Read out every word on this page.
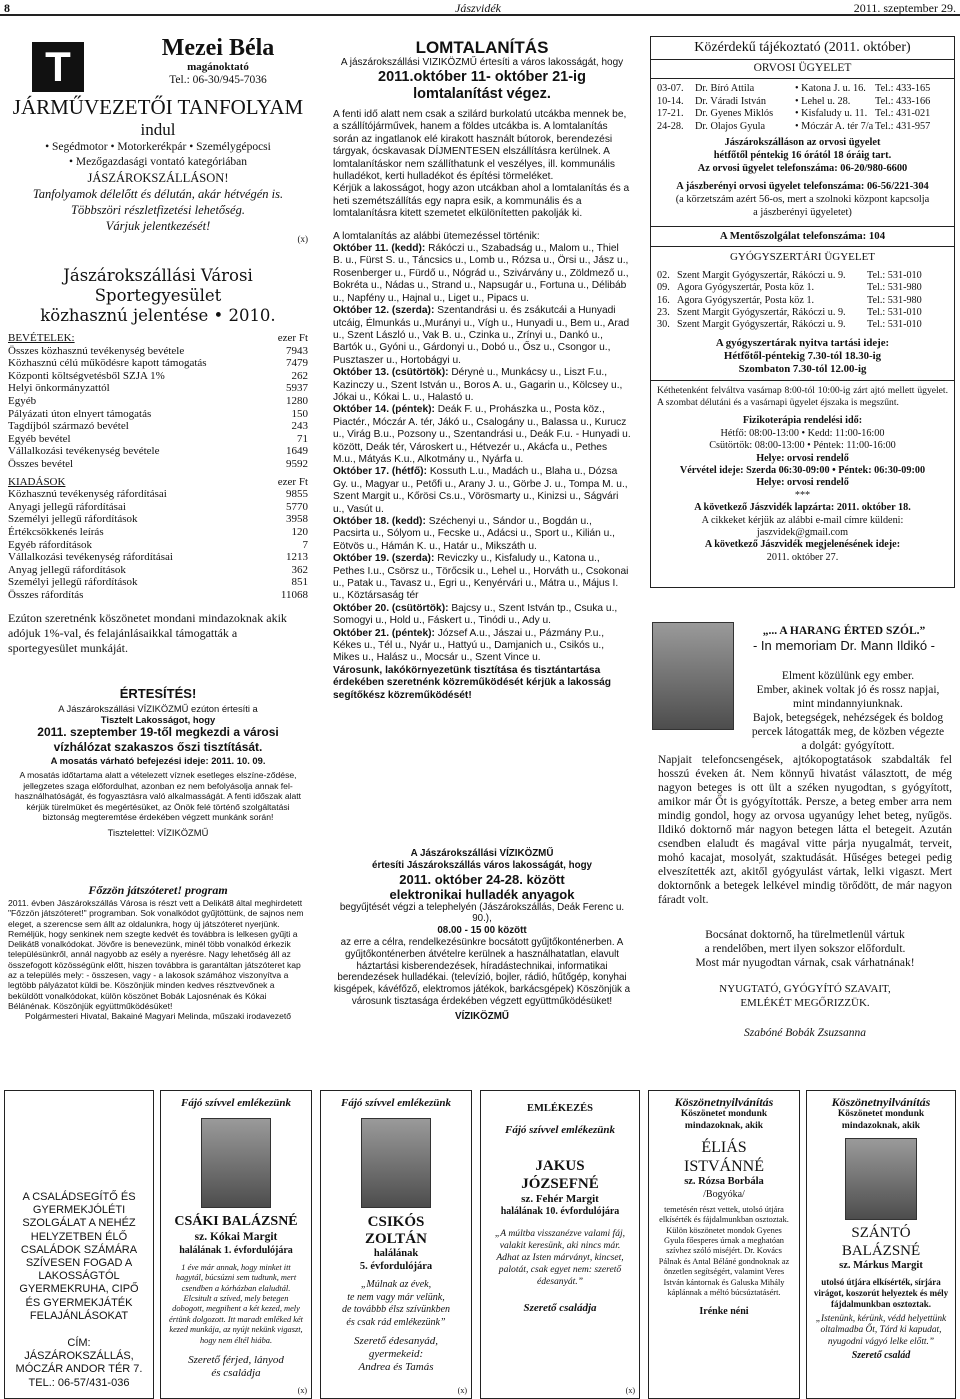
8	Jászvidék	2011. szeptember 29.
T	Mezei Béla
magánoktató
Tel.: 06-30/945-7036
JÁRMŰVEZETŐI TANFOLYAM
indul
• Segédmotor • Motorkerékpár • Személygépocsi
• Mezőgazdasági vontató kategóriában
JÁSZÁROKSZÁLLÁSON!
Tanfolyamok délelőtt és délután, akár hétvégén is.
Többszöri részletfizetési lehetőség.
Várjuk jelentkezését!
(x)
Jászárokszállási Városi Sportegyesület
közhasznú jelentése • 2010.
BEVÉTELEK:	ezer Ft
Összes közhasznú tevékenység bevétele	7943
Közhasznú célú működésre kapott támogatás	7479
Központi költségvetésből SZJA 1%	262
Helyi önkormányzattól	5937
Egyéb	1280
Pályázati úton elnyert támogatás	150
Tagdíjból származó bevétel	243
Egyéb bevétel	71
Vállalkozási tevékenység bevétele	1649
Összes bevétel	9592
KIADÁSOK	ezer Ft
Közhasznú tevékenység ráfordításai	9855
Anyagi jellegű ráfordításai	5770
Személyi jellegű ráfordítások	3958
Értékcsökkenés leírás	120
Egyéb ráfordítások	7
Vállalkozási tevékenység ráfordításai	1213
Anyag jellegű ráfordítások	362
Személyi jellegű ráfordítások	851
Összes ráfordítás	11068
Ezúton szeretnénk köszönetet mondani mindazoknak akik adójuk 1%-val, és felajánlásaikkal támogatták a sportegyesület munkáját.
ÉRTESÍTÉS!
A Jászárokszállási VÍZIKÖZMŰ ezúton értesíti a
Tisztelt Lakosságot, hogy
2011. szeptember 19-től megkezdi a városi
vízhálózat szakaszos őszi tisztítását.
A mosatás várható befejezési ideje: 2011. 10. 09.
A mosatás időtartama alatt a vételezett víznek esetleges elszíne-ződése, jellegzetes szaga előfordulhat, azonban ez nem befolyásolja annak fel-használhatóságát, és fogyasztásra való alkalmasságát. A fenti időszak alatt kérjük türelmüket és megértésüket, az Önök felé történő szolgáltatási biztonság megteremtése érdekében végzett munkánk során!
Tisztelettel: VÍZIKÖZMŰ
Főzzön játszóteret! program
2011. évben Jászárokszállás Városa is részt vett a Delikát8 által meghirdetett "Főzzön játszóteret!" programban. Sok vonalkódot gyűjtöttünk, de sajnos nem eleget, a szerencse sem állt az oldalunkra, hogy új játszóteret nyerjünk. Reméljük, hogy senkinek nem szegte kedvét és továbbra is lelkesen gyűjti a Delikát8 vonalkódokat. Jövőre is benevezünk, minél több vonalkód érkezik településünkről, annál nagyobb az esély a nyerésre. Nagy lehetőség áll az összefogott közösségünk előtt, hiszen továbbra is garantáltan játszóteret kap az a település mely: - összesen, vagy - a lakosok számához viszonyítva a legtöbb pályázatot küldi be. Köszönjük minden kedves résztvevőnek a beküldött vonalkódokat, külön köszönet Bobák Lajosnénak és Kókai Bélánénak. Köszönjük együttműködésüket!
Polgármesteri Hivatal, Bakainé Magyari Melinda, műszaki irodavezető
LOMTALANÍTÁS
A jászárokszállási VIZIKÖZMŰ értesíti a város lakosságát, hogy
2011.október 11- október 21-ig
lomtalanítást végez.
A fenti idő alatt nem csak a szilárd burkolatú utcákba mennek be, a szállítójárművek, hanem a földes utcákba is. A lomtalanítás során az ingatlanok elé kirakott használt bútorok, berendezési tárgyak, ócskavasak DÍJMENTESEN elszállításra kerülnek. A lomtalanításkor nem szállíthatunk el veszélyes, ill. kommunális hulladékot, kerti hulladékot és építési törmeléket.
Kérjük a lakosságot, hogy azon utcákban ahol a lomtalanítás és a heti szemétszállítás egy napra esik, a kommunális és a lomtalanításra kitett szemetet elkülönítetten pakolják ki.
A lomtalanítás az alábbi ütemezéssel történik:
Október 11. (kedd): Rákóczi u., Szabadság u., Malom u., Thiel B. u., Fürst S. u., Táncsics u., Lomb u., Rózsa u., Örsi u., Jász u., Rosenberger u., Fürdő u., Nógrád u., Szivárvány u., Zöldmező u., Bokréta u., Nádas u., Strand u., Napsugár u., Fortuna u., Délibáb u., Napfény u., Hajnal u., Liget u., Pipacs u.
Október 12. (szerda): Szentandrási u. és zsákutcái a Hunyadi utcáig, Élmunkás u.,Murányi u., Vígh u., Hunyadi u., Bem u., Arad u., Szent László u., Vak B. u., Czinka u., Zrínyi u., Dankó u., Bartók u., Gyóni u., Gárdonyi u., Dobó u., Ősz u., Csongor u., Pusztaszer u., Hortobágyi u.
Október 13. (csütörtök): Dérynė u., Munkácsy u., Liszt F.u., Kazinczy u., Szent István u., Boros A. u., Gagarin u., Kölcsey u., Jókai u., Kókai L. u., Halastó u.
Október 14. (péntek): Deák F. u., Prohászka u., Posta köz., Piactér., Móczár A. tér, Jákó u., Csalogány u., Balassa u., Kurucz u., Virág B.u., Pozsony u., Szentandrási u., Deák F.u. - Hunyadi u. között, Deák tér, Városkert u., Hétvezér u., Akácfa u., Pethes M.u., Mátyás K.u., Alkotmány u., Nyárfa u.
Október 17. (hétfő): Kossuth L.u., Madách u., Blaha u., Dózsa Gy. u., Magyar u., Petőfi u., Arany J. u., Görbe J. u., Tompa M. u., Szent Margit u., Kőrösi Cs.u., Vörösmarty u., Kinizsi u., Ságvári u., Vasút u.
Október 18. (kedd): Széchenyi u., Sándor u., Bogdán u., Pacsirta u., Sólyom u., Fecske u., Adácsi u., Sport u., Kilián u., Eötvös u., Hámán K. u., Határ u., Mikszáth u.
Október 19. (szerda): Reviczky u., Kisfaludy u., Katona u., Pethes I.u., Csörsz u., Törőcsik u., Lehel u., Horváth u., Csokonai u., Patak u., Tavasz u., Egri u., Kenyérvári u., Mátra u., Május I. u., Köztársaság tér
Október 20. (csütörtök): Bajcsy u., Szent István tp., Csuka u., Somogyi u., Hold u., Fáskert u., Tinódi u., Ady u.
Október 21. (péntek): József A.u., Jászai u., Pázmány P.u., Kékes u., Tél u., Nyár u., Hattyú u., Damjanich u., Csikós u., Mikes u., Halász u., Mocsár u., Szent Vince u.
Városunk, lakókörnyezetünk tisztítása és tisztántartása érdekében szeretnénk közreműködését kérjük a lakosság segítőkész közreműködését!
A Jászárokszállási VÍZIKÖZMŰ
értesíti Jászárokszállás város lakosságát, hogy
2011. október 24-28. között
elektronikai hulladék anyagok
begyűjtését végzi a telephelyén (Jászárokszállás, Deák Ferenc u. 90.),
08.00 - 15 00 között
az erre a célra, rendelkezésünkre bocsátott gyűjtőkonténerben. A gyűjtőkonténerben átvételre kerülnek a használhatatlan, elavult háztartási kisberendezések, híradástechnikai, informatikai berendezések hulladékai. (televízió, bojler, rádió, hűtőgép, konyhai kisgépek, kávéfőző, elektromos játékok, barkácsgépek) Köszönjük a városunk tisztasága érdekében végzett együttműködésüket!
VÍZIKÖZMŰ
Közérdekű tájékoztató (2011. október)
ORVOSI ÜGYELET
03-07.	Dr. Bíró Attila	• Katona J. u. 16. Tel.: 433-165
10-14.	Dr. Váradi István	• Lehel u. 28.	Tel.: 433-166
17-21.	Dr. Gyenes Miklós	• Kisfaludy u. 11. Tel.: 431-021
24-28.	Dr. Olajos Gyula	• Móczár A. tér 7/a Tel.: 431-957
Jászárokszálláson az orvosi ügyelet
hétfőtől péntekig 16 órától 18 óráig tart.
Az orvosi ügyelet telefonszáma: 06-20/980-6600
A jászberényi orvosi ügyelet telefonszáma: 06-56/221-304
(a körzetszám azért 56-os, mert a szolnoki központ kapcsolja
a jászberényi ügyeletet)
A Mentőszolgálat telefonszáma: 104
GYÓGYSZERTÁRI ÜGYELET
02. Szent Margit Gyógyszertár, Rákóczi u. 9.	Tel.: 531-010
09. Agora Gyógyszertár, Posta köz 1.	Tel.: 531-980
16. Agora Gyógyszertár, Posta köz 1.	Tel.: 531-980
23. Szent Margit Gyógyszertár, Rákóczi u. 9.	Tel.: 531-010
30. Szent Margit Gyógyszertár, Rákóczi u. 9.	Tel.: 531-010
A gyógyszertárak nyitva tartási ideje:
Hétfőtől-péntekig 7.30-tól 18.30-ig
Szombaton 7.30-tól 12.00-ig
Kéthetenként felváltva vasárnap 8:00-tól 10:00-ig zárt ajtó mellett ügyelet. A szombat délutáni és a vasárnapi ügyelet éjszaka is megszűnt.
Fizikoterápia rendelési idő:
Hétfő: 08:00-13:00 • Kedd: 11:00-16:00
Csütörtök: 08:00-13:00 • Péntek: 11:00-16:00
Helye: orvosi rendelő
Vérvétel ideje: Szerda 06:30-09:00 • Péntek: 06:30-09:00
Helye: orvosi rendelő
***
A következő Jászvidék lapzárta: 2011. október 18.
A cikkeket kérjük az alábbi e-mail címre küldeni:
jaszvidek@gmail.com
A következő Jászvidék megjelenésének ideje:
2011. október 27.
„... A HARANG ÉRTED SZÓL.”
- In memoriam Dr. Mann Ildikó -
Elment közülünk egy ember.
Ember, akinek voltak jó és rossz napjai,
mint mindannyiunknak.
Bajok, betegségek, nehézségek és boldog
percek látogatták meg, de közben végezte
a dolgát: gyógyított.
Napjait telefoncsengések, ajtókopogtatások szabdalták fel hosszú éveken át. Nem könnyű hivatást választott, de még nagyon beteges is ott ült a széken nyugodtan, s gyógyított, amikor már Őt is gyógyították. Persze, a beteg ember arra nem mindig gondol, hogy az orvosa ugyanúgy lehet beteg, nyűgös. Ildikó doktornő már nagyon betegen látta el betegeit. Azután csendben elaludt és magával vitte párja nyugalmát, terveit, mohó kacajat, mosolyát, szaktudását. Hűséges betegei pedig elveszítették azt, akitől gyógyulást vártak, lelki vigaszt. Mert doktornőnk a betegek lelkével mindig törődött, de már nagyon fáradt volt.
Bocsánat doktornő, ha türelmetlenül vártuk
a rendelőben, mert ilyen sokszor előfordult.
Most már nyugodtan várnak, csak várhatnának!
NYUGTATÓ, GYÓGYÍTÓ SZAVAIT,
EMLÉKÉT MEGŐRIZZÜK.
Szabóné Bobák Zsuzsanna
A CSALÁDSEGÍTŐ ÉS GYERMEKJÓLÉTI SZOLGÁLAT A NEHÉZ HELYZETBEN ÉLŐ CSALÁDOK SZÁMÁRA SZÍVESEN FOGAD A LAKOSSÁGTÓL GYERMEKRUHA, CIPŐ ÉS GYERMEKJÁTÉK FELAJÁNLÁSOKAT
CÍM:
JÁSZÁROKSZÁLLÁS, MÓCZÁR ANDOR TÉR 7.
TEL.: 06-57/431-036
Fájó szívvel emlékezünk
CSÁKI BALÁZSNÉ
sz. Kókai Margit
halálának 1. évfordulójára
1 éve már annak, hogy minket itt hagytál, búcsúzni sem tudtunk, mert csendben a kórházban elaludtál. Elcsitult a szíved, mely betegen dobogott, megpihent a két kezed, mely értünk dolgozott. Itt maradt emléked két kezed munkája, az nyújt nekünk vigaszt, hogy nem éltél hiába.
Szerető férjed, lányod
és családja
(x)
Fájó szívvel emlékezünk
CSIKÓS
ZOLTÁN
halálának
5. évfordulójára
„Múlnak az évek,
te nem vagy már velünk,
de továbbb élsz szívünkben
és csak rád emlékezünk”
Szerető édesanyád,
gyermekeid:
Andrea és Tamás
(x)
EMLÉKEZÉS
Fájó szívvel emlékezünk
JAKUS
JÓZSEFNÉ
sz. Fehér Margit
halálának 10. évfordulójára
„A múltba visszanézve valami fáj, valakit keresünk, aki nincs már. Adhat az Isten márványt, kincset, palotát, csak egyet nem: szerető édesanyát.”
Szerető családja
(x)
Köszönetnyilvánítás
Köszönetet mondunk
mindazoknak, akik
ÉLIÁS
ISTVÁNNÉ
sz. Rózsa Borbála
/Bogyóka/
temetésén részt vettek, utolsó útjára elkísérték és fájdalmunkban osztoztak. Külön köszönetet mondok Gyenes Gyula főesperes úrnak a meghatóan szívhez szóló miséjért. Dr. Kovács Pálnak és Antal Béláné gondnoknak az önzetlen segítségért, valamint Veres István kántornak és Galuska Mihály káplánnak a méltó búcsúztatásért.
Irénke néni
Köszönetnyilvánítás
Köszönetet mondunk
mindazoknak, akik
SZÁNTÓ
BALÁZSNÉ
sz. Márkus Margit
utolsó útjára elkísérték, sírjára virágot, koszorút helyeztek és mély fájdalmunkban osztoztak.
„Istenünk, kérünk, védd helyettünk oltalmadba Őt, Tárd ki kapudat, nyugodni vágyó lelke előtt.”
Szerető család
